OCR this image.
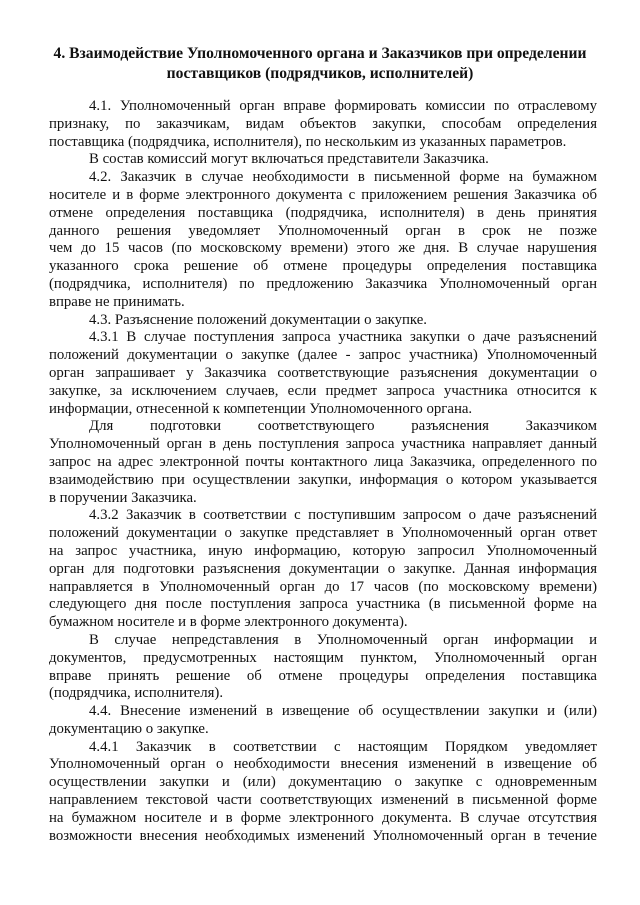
4. Взаимодействие Уполномоченного органа и Заказчиков при определении
поставщиков (подрядчиков, исполнителей)

4.1. Уполномоченный орган вправе формировать комиссии по отраслевому
признаку, по заказчикам, видам объектов закупки, способам определения
поставщика (подрядчика, исполнителя), по нескольким из указанных параметров.

В состав комиссий могут включаться представители Заказчика.

4.2. Заказчик в случае необходимости в письменной форме на бумажном
носителе и в форме электронного документа с приложением решения Заказчика об
отмене определения поставщика (подрядчика, исполнителя) в день принятия
данного решения уведомляет Уполномоченный орган в срок не позже
чем до 15 часов (по московскому времени) этого же дня. В случае нарушения
указанного срока решение об отмене процедуры определения поставщика
(подрядчика, исполнителя) по предложению Заказчика Уполномоченный орган
вправе не принимать.

4.3. Разъяснение положений документации о закупке.

4.3.1 В случае поступления запроса участника закупки о даче разъяснений
положений документации о закупке (далее - запрос участника) Уполномоченный
орган запрашивает у Заказчика соответствующие разъяснения документации о
закупке, за исключением случаев, если предмет запроса участника относится к
информации, отнесенной к компетенции Уполномоченного органа.

Для подготовки соответствующего разъяснения Заказчиком
Уполномоченный орган в день поступления запроса участника направляет данный
запрос на адрес электронной почты контактного лица Заказчика, определенного по
взаимодействию при осуществлении закупки, информация о котором указывается
в поручении Заказчика.

4.3.2 Заказчик в соответствии с поступившим запросом о даче разъяснений
положений документации о закупке представляет в Уполномоченный орган ответ
на запрос участника, иную информацию, которую запросил Уполномоченный
орган для подготовки разъяснения документации о закупке. Данная информация
направляется в Уполномоченный орган до 17 часов (по московскому времени)
следующего дня после поступления запроса участника (в письменной форме на
бумажном носителе и в форме электронного документа).

В случае непредставления в Уполномоченный орган информации и
документов, предусмотренных настоящим пунктом, Уполномоченный орган
вправе принять решение об отмене процедуры определения поставщика
(подрядчика, исполнителя).

4.4. Внесение изменений в извещение об осуществлении закупки и (или)
документацию о закупке.

4.4.1 Заказчик в соответствии с настоящим Порядком уведомляет
Уполномоченный орган о необходимости внесения изменений в извещение об
осуществлении закупки и (или) документацию о закупке с одновременным
направлением текстовой части соответствующих изменений в письменной форме
на бумажном носителе и в форме электронного документа. В случае отсутствия
возможности внесения необходимых изменений Уполномоченный орган в течение
